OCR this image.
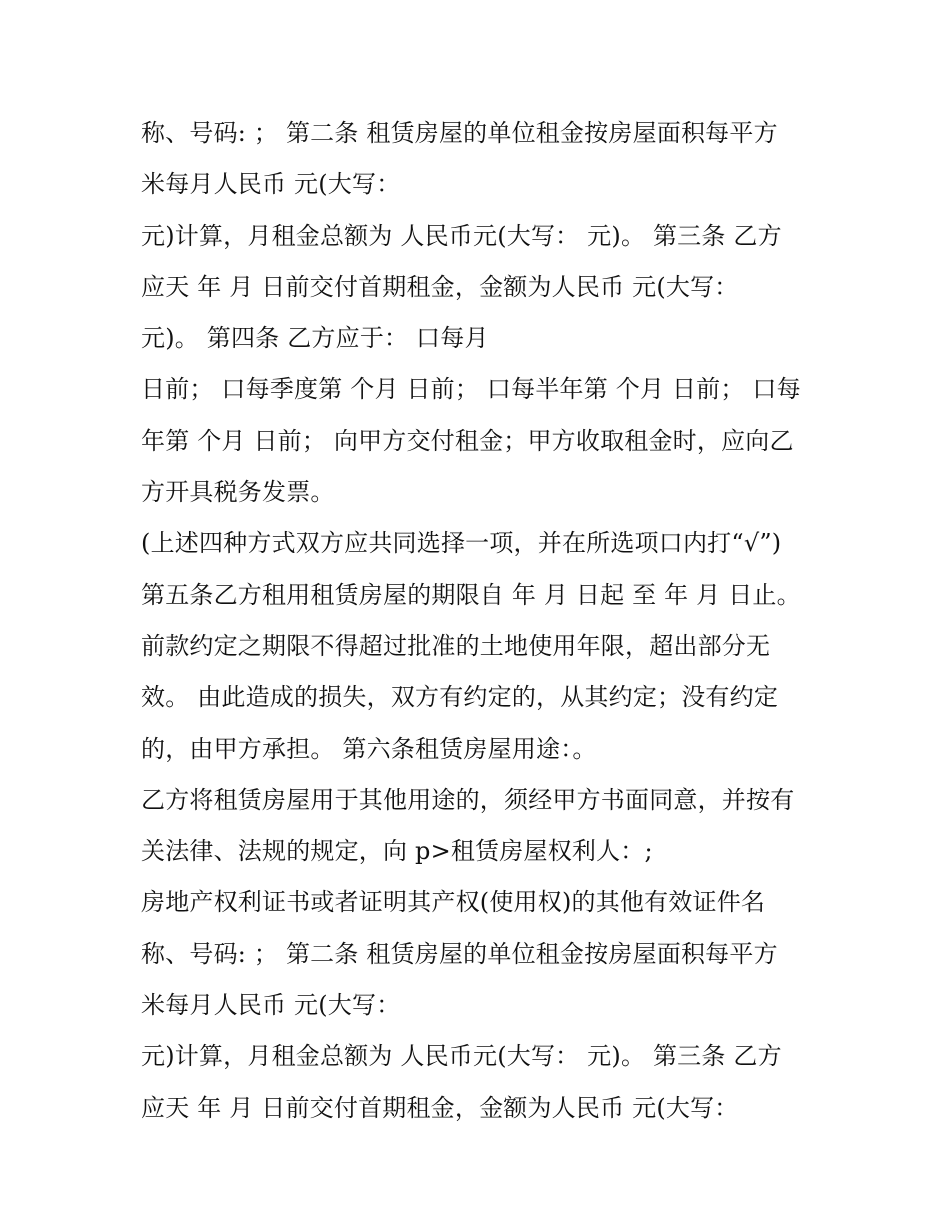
称、号码: ； 第二条 租赁房屋的单位租金按房屋面积每平方
米每月人民币 元(大写：
元)计算，月租金总额为 人民币元(大写： 元)。 第三条 乙方
应天 年 月 日前交付首期租金，金额为人民币 元(大写：
元)。 第四条 乙方应于： 口每月
日前； 口每季度第 个月 日前； 口每半年第 个月 日前； 口每
年第 个月 日前； 向甲方交付租金；甲方收取租金时，应向乙
方开具税务发票。
(上述四种方式双方应共同选择一项，并在所选项口内打“√”)
第五条乙方租用租赁房屋的期限自 年 月 日起 至 年 月 日止。
前款约定之期限不得超过批准的土地使用年限，超出部分无
效。 由此造成的损失，双方有约定的，从其约定；没有约定
的，由甲方承担。 第六条租赁房屋用途：。
乙方将租赁房屋用于其他用途的，须经甲方书面同意，并按有
关法律、法规的规定，向 p>租赁房屋权利人：;
房地产权利证书或者证明其产权(使用权)的其他有效证件名
称、号码: ； 第二条 租赁房屋的单位租金按房屋面积每平方
米每月人民币 元(大写：
元)计算，月租金总额为 人民币元(大写： 元)。 第三条 乙方
应天 年 月 日前交付首期租金，金额为人民币 元(大写：
